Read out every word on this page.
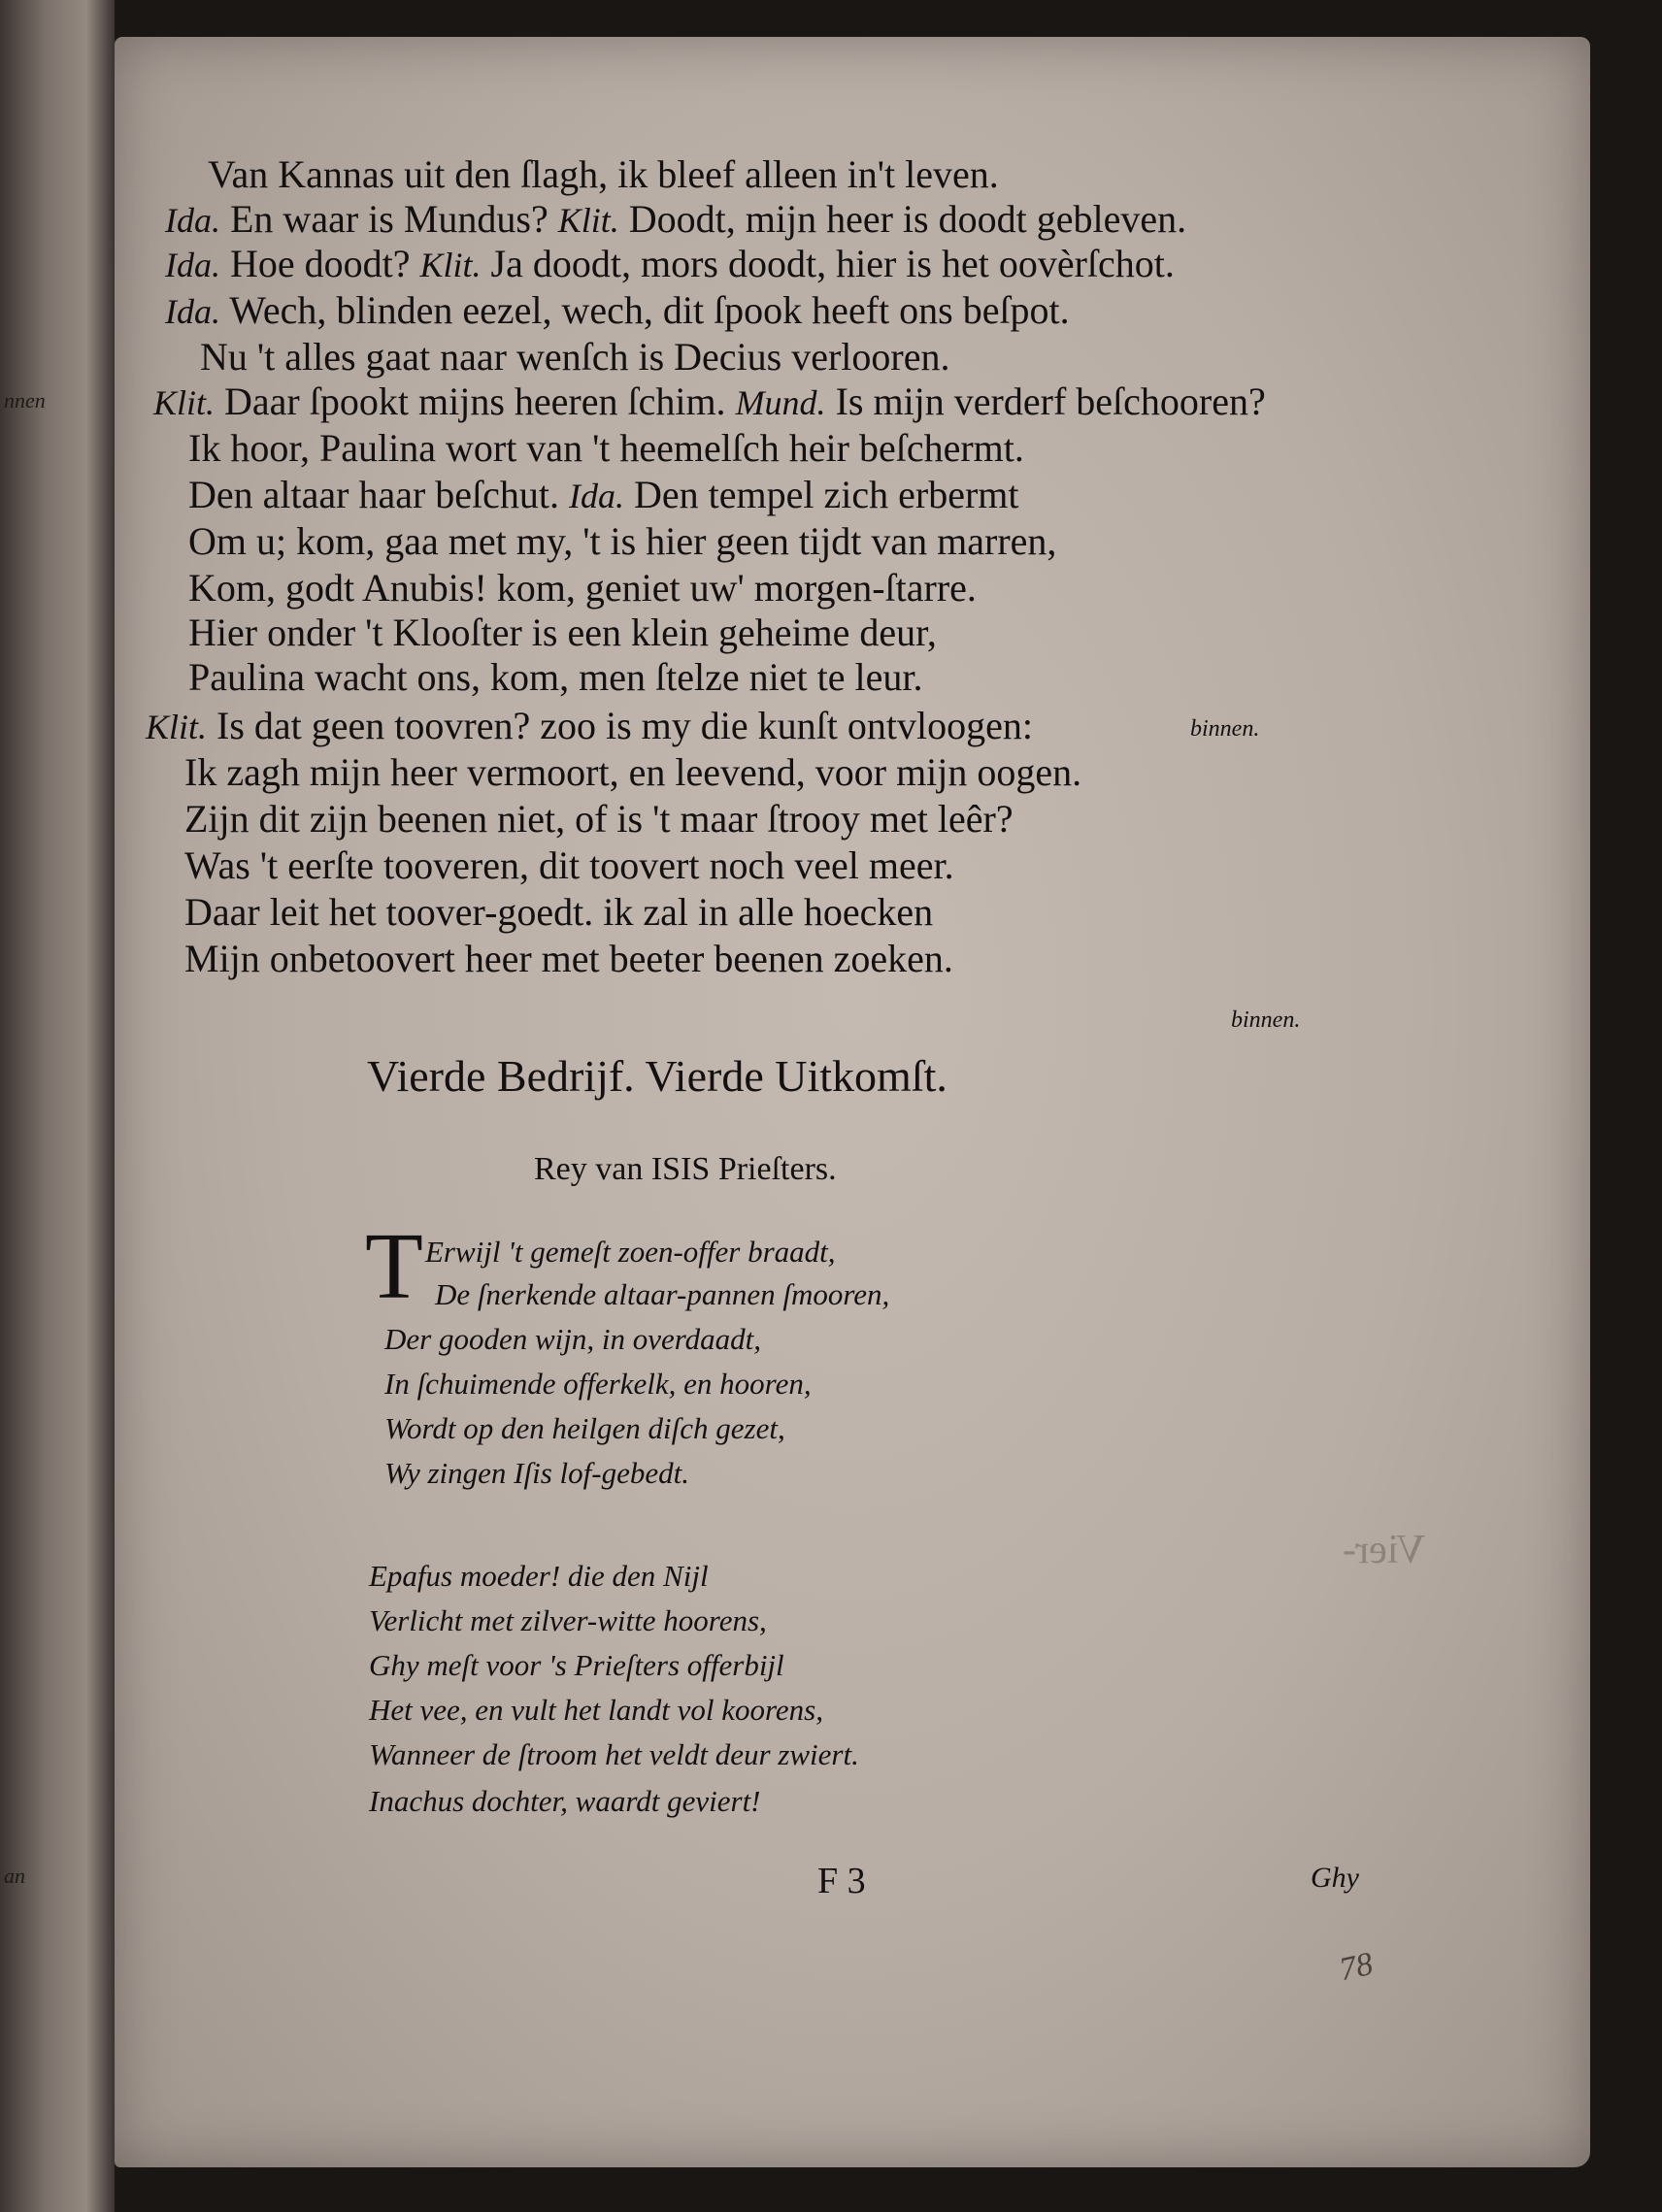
nnen
an
Vier-
Van Kannas uit den ſlagh, ik bleef alleen in't leven.
Ida. En waar is Mundus? Klit. Doodt, mijn heer is doodt gebleven.
Ida. Hoe doodt? Klit. Ja doodt, mors doodt, hier is het oovèrſchot.
Ida. Wech, blinden eezel, wech, dit ſpook heeft ons beſpot.
Nu 't alles gaat naar wenſch is Decius verlooren.
Klit. Daar ſpookt mijns heeren ſchim. Mund. Is mijn verderf beſchooren?
Ik hoor, Paulina wort van 't heemelſch heir beſchermt.
Den altaar haar beſchut. Ida. Den tempel zich erbermt
Om u; kom, gaa met my, 't is hier geen tijdt van marren,
Kom, godt Anubis! kom, geniet uw' morgen-ſtarre.
Hier onder 't Klooſter is een klein geheime deur,
Paulina wacht ons, kom, men ſtelze niet te leur.
Klit. Is dat geen toovren? zoo is my die kunſt ontvloogen:
Ik zagh mijn heer vermoort, en leevend, voor mijn oogen.
Zijn dit zijn beenen niet, of is 't maar ſtrooy met leêr?
Was 't eerſte tooveren, dit toovert noch veel meer.
Daar leit het toover-goedt. ik zal in alle hoecken
Mijn onbetoovert heer met beeter beenen zoeken.
binnen.
binnen.
Vierde Bedrijf. Vierde Uitkomſt.
Rey van ISIS Prieſters.
T Erwijl 't gemeſt zoen-offer braadt,
De ſnerkende altaar-pannen ſmooren,
Der gooden wijn, in overdaadt,
In ſchuimende offerkelk, en hooren,
Wordt op den heilgen diſch gezet,
Wy zingen Iſis lof-gebedt.
Epafus moeder! die den Nijl
Verlicht met zilver-witte hoorens,
Ghy meſt voor 's Prieſters offerbijl
Het vee, en vult het landt vol koorens,
Wanneer de ſtroom het veldt deur zwiert.
Inachus dochter, waardt geviert!
F 3	Ghy
78
